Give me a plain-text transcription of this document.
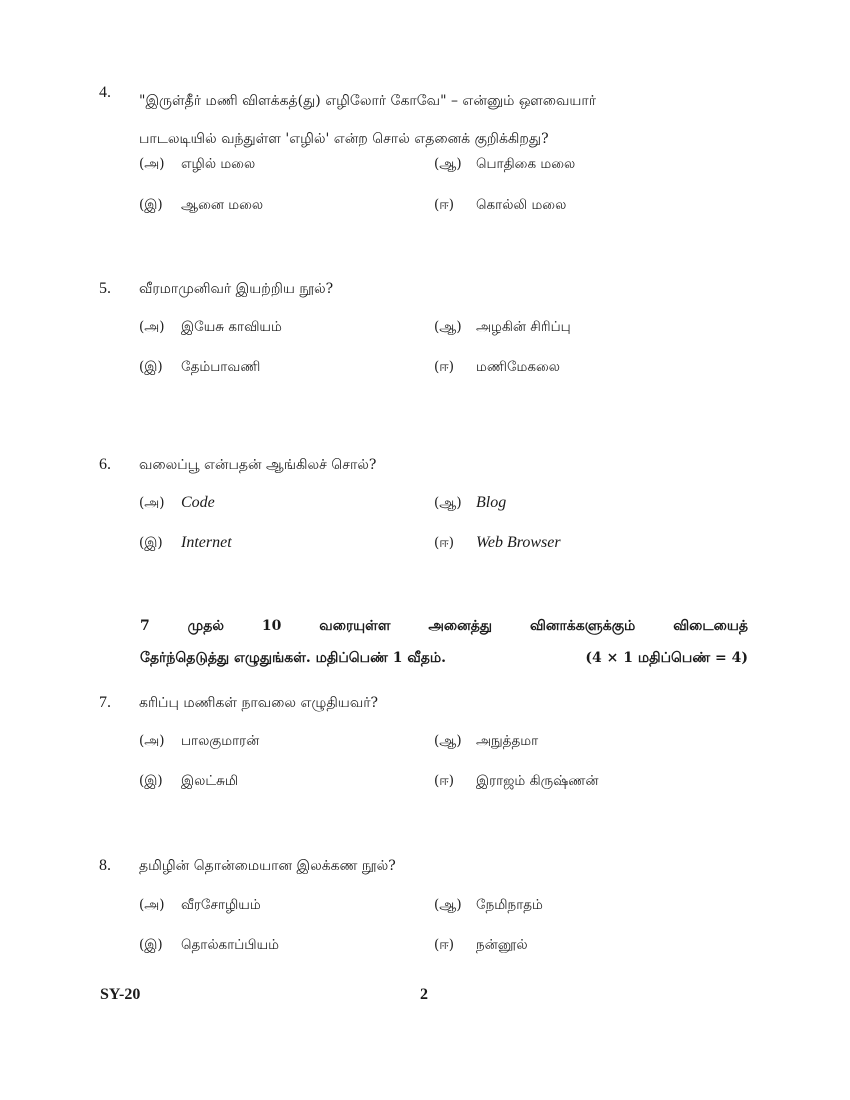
4. "இருள்தீர் மணி விளக்கத்(து) எழிலோர் கோவே" – என்னும் ஔவையார்
பாடலடியில் வந்துள்ள 'எழில்' என்ற சொல் எதனைக் குறிக்கிறது?
(அ) எழில் மலை	(ஆ) பொதிகை மலை
(இ) ஆனை மலை	(ஈ) கொல்லி மலை
5. வீரமாமுனிவர் இயற்றிய நூல்?
(அ) இயேசு காவியம்	(ஆ) அழகின் சிரிப்பு
(இ) தேம்பாவணி	(ஈ) மணிமேகலை
6. வலைப்பூ என்பதன் ஆங்கிலச் சொல்?
(அ) Code	(ஆ) Blog
(இ) Internet	(ஈ) Web Browser
7	முதல்	10	வரையுள்ள	அனைத்து	வினாக்களுக்கும்	விடையைத்
தேர்ந்தெடுத்து எழுதுங்கள். மதிப்பெண் 1 வீதம்.	(4 × 1 மதிப்பெண் = 4)
7. கரிப்பு மணிகள் நாவலை எழுதியவர்?
(அ) பாலகுமாரன்	(ஆ) அநுத்தமா
(இ) இலட்சுமி	(ஈ) இராஜம் கிருஷ்ணன்
8. தமிழின் தொன்மையான இலக்கண நூல்?
(அ) வீரசோழியம்	(ஆ) நேமிநாதம்
(இ) தொல்காப்பியம்	(ஈ) நன்னூல்
SY-20	2
